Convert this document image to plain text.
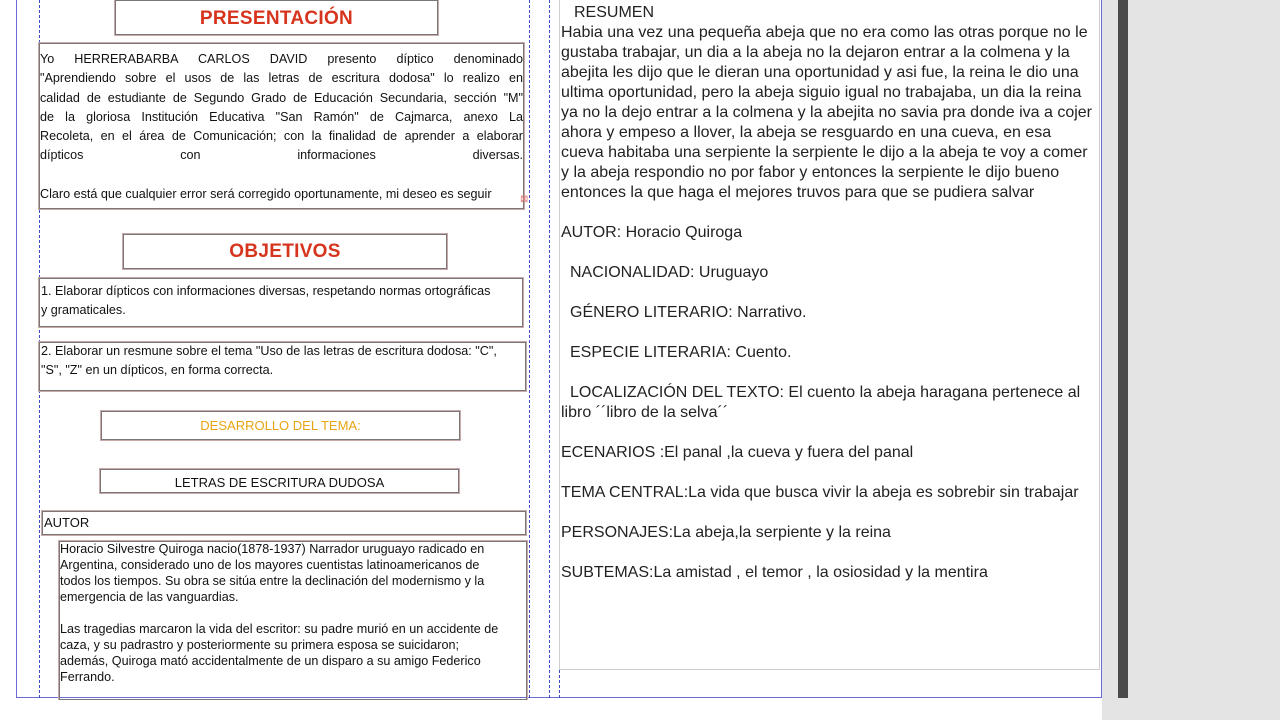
PRESENTACIÓN
Yo HERRERABARBA CARLOS DAVID presento díptico denominado
"Aprendiendo sobre el usos de las letras de escritura dodosa" lo realizo en
calidad de estudiante de Segundo Grado de Educación Secundaria, sección "M"
de la gloriosa Institución Educativa "San Ramón" de Cajmarca, anexo La
Recoleta, en el área de Comunicación; con la finalidad de aprender a elaborar
dípticos con informaciones diversas.
Claro está que cualquier error será corregido oportunamente, mi deseo es seguir	⊠
OBJETIVOS
1. Elaborar dípticos con informaciones diversas, respetando normas ortográficas
y gramaticales.
2. Elaborar un resmune sobre el tema "Uso de las letras de escritura dodosa: "C",
"S", "Z" en un dípticos, en forma correcta.
DESARROLLO DEL TEMA:
LETRAS DE ESCRITURA DUDOSA
AUTOR
Horacio Silvestre Quiroga nacio(1878-1937) Narrador uruguayo radicado en
Argentina, considerado uno de los mayores cuentistas latinoamericanos de
todos los tiempos. Su obra se sitúa entre la declinación del modernismo y la
emergencia de las vanguardias.
Las tragedias marcaron la vida del escritor: su padre murió en un accidente de
caza, y su padrastro y posteriormente su primera esposa se suicidaron;
además, Quiroga mató accidentalmente de un disparo a su amigo Federico
Ferrando.
RESUMEN
Habia una vez una pequeña abeja que no era como las otras porque no le
gustaba trabajar, un dia a la abeja no la dejaron entrar a la colmena y la
abejita les dijo que le dieran una oportunidad y asi fue, la reina le dio una
ultima oportunidad, pero la abeja siguio igual no trabajaba, un dia la reina
ya no la dejo entrar a la colmena y la abejita no savia pra donde iva a cojer
ahora y empeso a llover, la abeja se resguardo en una cueva, en esa
cueva habitaba una serpiente la serpiente le dijo a la abeja te voy a comer
y la abeja respondio no por fabor y entonces la serpiente le dijo bueno
entonces la que haga el mejores truvos para que se pudiera salvar
AUTOR: Horacio Quiroga
NACIONALIDAD: Uruguayo
GÉNERO LITERARIO: Narrativo.
ESPECIE LITERARIA: Cuento.
LOCALIZACIÓN DEL TEXTO: El cuento la abeja haragana pertenece al
libro ´´libro de la selva´´
ECENARIOS :El panal ,la cueva y fuera del panal
TEMA CENTRAL:La vida que busca vivir la abeja es sobrebir sin trabajar
PERSONAJES:La abeja,la serpiente y la reina
SUBTEMAS:La amistad , el temor , la osiosidad y la mentira
